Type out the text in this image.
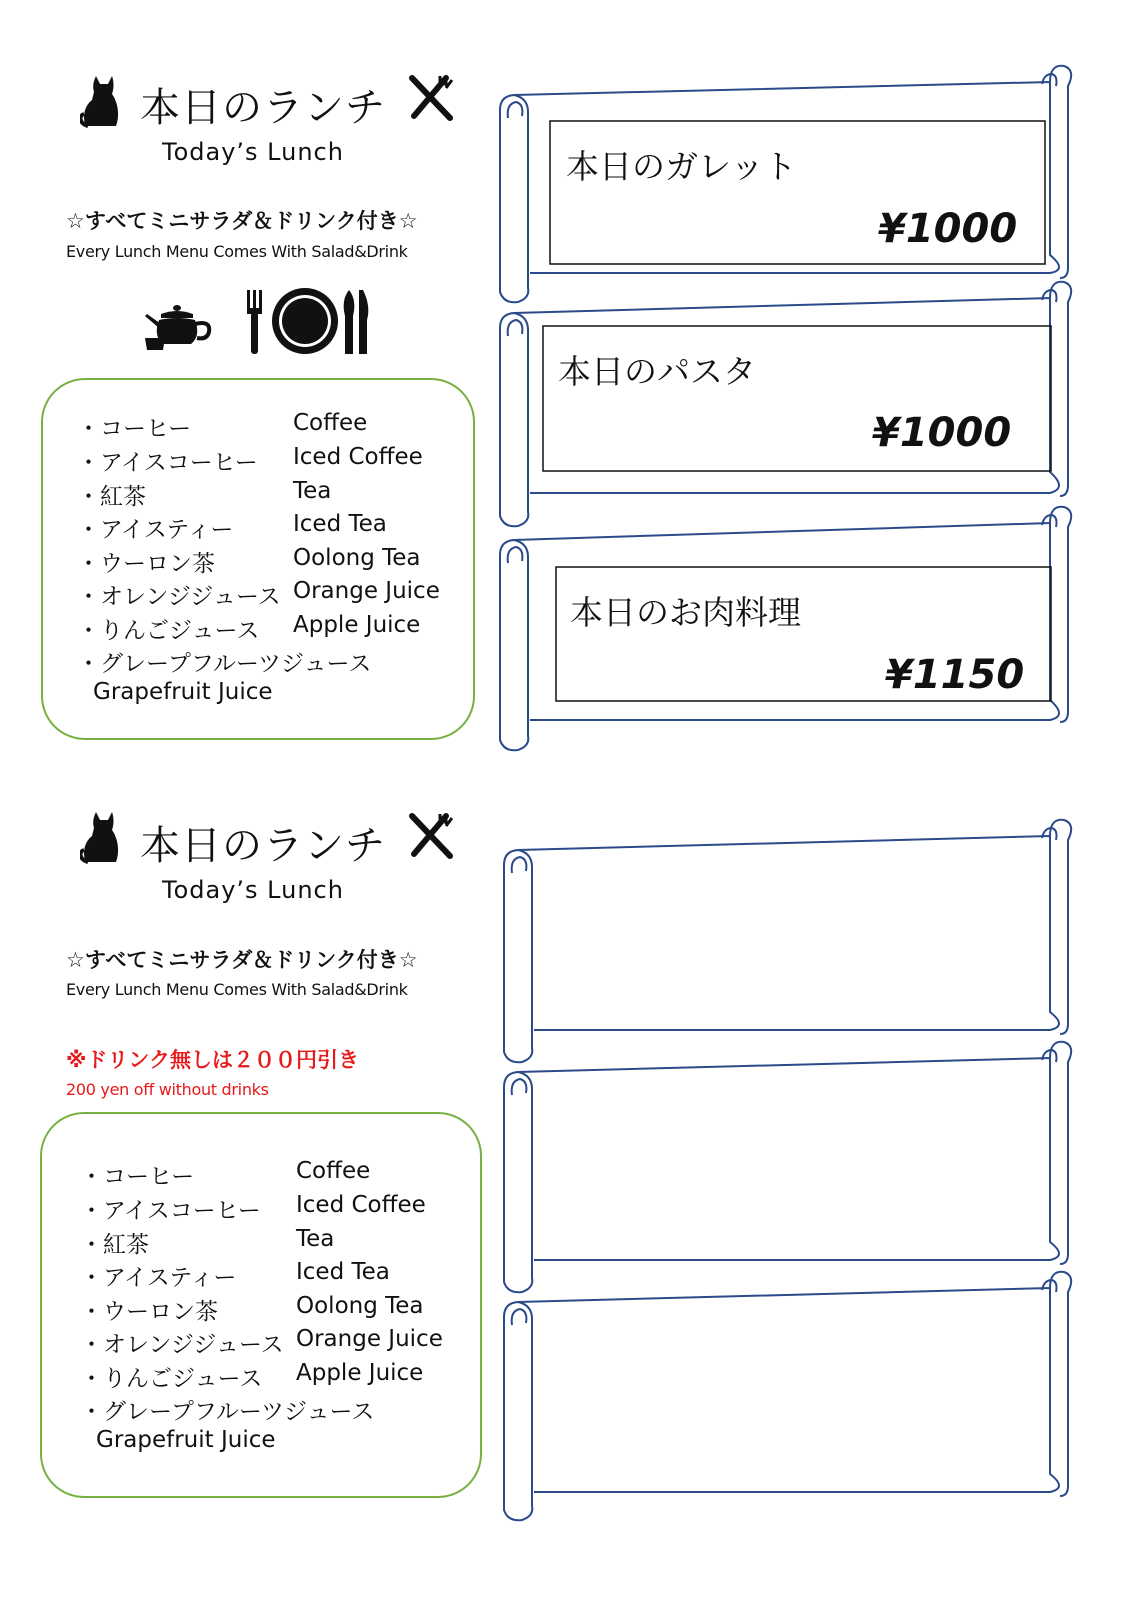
本日のランチ
Today’s Lunch
☆すべてミニサラダ＆ドリンク付き☆
Every Lunch Menu Comes With Salad&Drink
・コーヒー	Coffee
・アイスコーヒー Iced Coffee
・紅茶	Tea
・アイスティー	Iced Tea
・ウーロン茶	Oolong Tea
・オレンジジュース Orange Juice
・りんごジュース Apple Juice
・グレープフルーツジュース
Grapefruit Juice
本日のガレット
¥1000
本日のパスタ
¥1000
本日のお肉料理
¥1150
本日のランチ
Today’s Lunch
☆すべてミニサラダ＆ドリンク付き☆
Every Lunch Menu Comes With Salad&Drink
※ドリンク無しは２００円引き
200 yen off without drinks
・コーヒー	Coffee
・アイスコーヒー Iced Coffee
・紅茶	Tea
・アイスティー	Iced Tea
・ウーロン茶	Oolong Tea
・オレンジジュース Orange Juice
・りんごジュース Apple Juice
・グレープフルーツジュース
Grapefruit Juice
